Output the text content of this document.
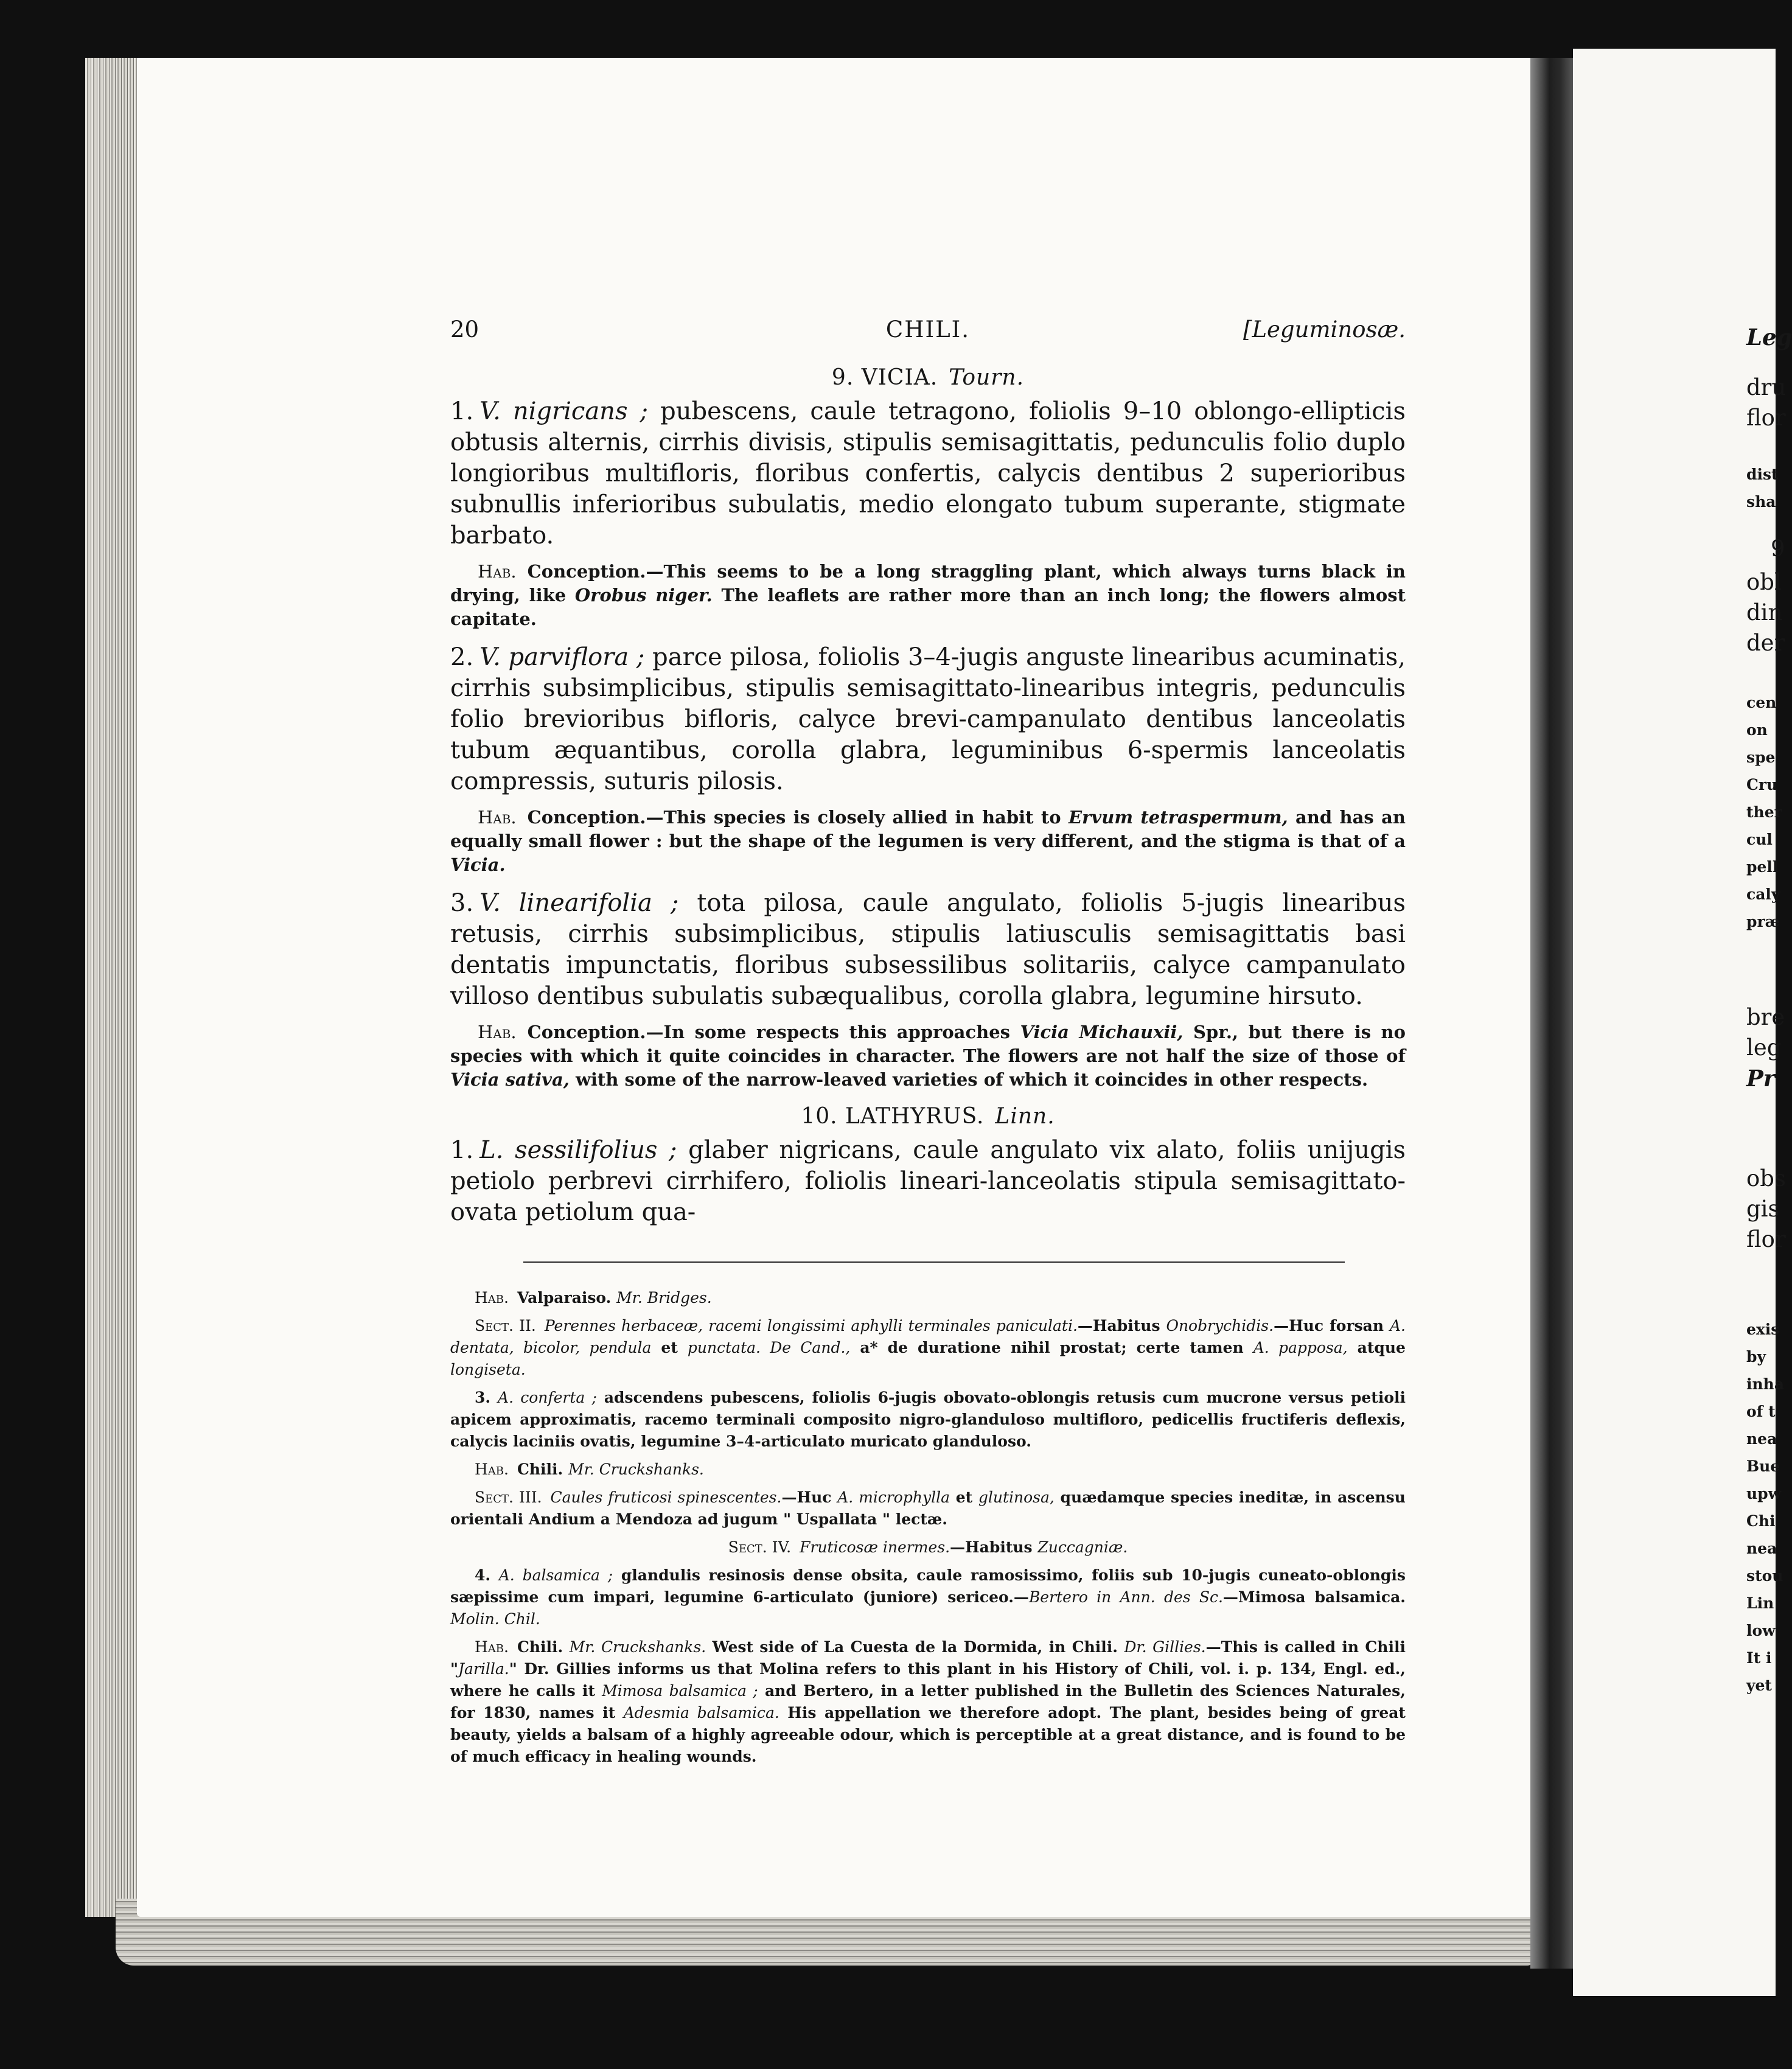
20	CHILI.	[Leguminosæ.
9. VICIA. Tourn.

1. V. nigricans ; pubescens, caule tetragono, foliolis 9–10 oblongo-ellipticis obtusis alternis, cirrhis divisis, stipulis semisagittatis, pedunculis folio duplo longioribus multifloris, floribus confertis, calycis dentibus 2 superioribus subnullis inferioribus subulatis, medio elongato tubum superante, stigmate barbato.

Hab. Conception.—This seems to be a long straggling plant, which always turns black in drying, like Orobus niger. The leaflets are rather more than an inch long; the flowers almost capitate.

2. V. parviflora ; parce pilosa, foliolis 3–4-jugis anguste linearibus acuminatis, cirrhis subsimplicibus, stipulis semisagittato-linearibus integris, pedunculis folio brevioribus bifloris, calyce brevi-campanulato dentibus lanceolatis tubum æquantibus, corolla glabra, leguminibus 6-spermis lanceolatis compressis, suturis pilosis.

Hab. Conception.—This species is closely allied in habit to Ervum tetraspermum, and has an equally small flower : but the shape of the legumen is very different, and the stigma is that of a Vicia.

3. V. linearifolia ; tota pilosa, caule angulato, foliolis 5-jugis linearibus retusis, cirrhis subsimplicibus, stipulis latiusculis semisagittatis basi dentatis impunctatis, floribus subsessilibus solitariis, calyce campanulato villoso dentibus subulatis subæqualibus, corolla glabra, legumine hirsuto.

Hab. Conception.—In some respects this approaches Vicia Michauxii, Spr., but there is no species with which it quite coincides in character. The flowers are not half the size of those of Vicia sativa, with some of the narrow-leaved varieties of which it coincides in other respects.

10. LATHYRUS. Linn.

1. L. sessilifolius ; glaber nigricans, caule angulato vix alato, foliis unijugis petiolo perbrevi cirrhifero, foliolis lineari-lanceolatis stipula semisagittato-ovata petiolum qua-

Hab. Valparaiso. Mr. Bridges.

Sect. II. Perennes herbaceæ, racemi longissimi aphylli terminales paniculati.—Habitus Onobrychidis.—Huc forsan A. dentata, bicolor, pendula et punctata. De Cand., a* de duratione nihil prostat; certe tamen A. papposa, atque longiseta.

3. A. conferta ; adscendens pubescens, foliolis 6-jugis obovato-oblongis retusis cum mucrone versus petioli apicem approximatis, racemo terminali composito nigro-glanduloso multifloro, pedicellis fructiferis deflexis, calycis laciniis ovatis, legumine 3–4-articulato muricato glanduloso.

Hab. Chili. Mr. Cruckshanks.

Sect. III. Caules fruticosi spinescentes.—Huc A. microphylla et glutinosa, quædamque species ineditæ, in ascensu orientali Andium a Mendoza ad jugum " Uspallata " lectæ.

Sect. IV. Fruticosæ inermes.—Habitus Zuccagniæ.

4. A. balsamica ; glandulis resinosis dense obsita, caule ramosissimo, foliis sub 10-jugis cuneato-oblongis sæpissime cum impari, legumine 6-articulato (juniore) sericeo.—Bertero in Ann. des Sc.—Mimosa balsamica. Molin. Chil.

Hab. Chili. Mr. Cruckshanks. West side of La Cuesta de la Dormida, in Chili. Dr. Gillies.—This is called in Chili "Jarilla." Dr. Gillies informs us that Molina refers to this plant in his History of Chili, vol. i. p. 134, Engl. ed., where he calls it Mimosa balsamica ; and Bertero, in a letter published in the Bulletin des Sciences Naturales, for 1830, names it Adesmia balsamica. His appellation we therefore adopt. The plant, besides being of great beauty, yields a balsam of a highly agreeable odour, which is perceptible at a great distance, and is found to be of much efficacy in healing wounds.

Leg
dru
flor
dist
sha
9
obl
din
der
cen
on
spe
Cru
ther
cul
pell
caly
præ
bre
leg
Pr
obs
gis
flor
exis
by
inha
of t
nea
Bue
upw
Chi
nea
stou
Lin
low
It i
yet
